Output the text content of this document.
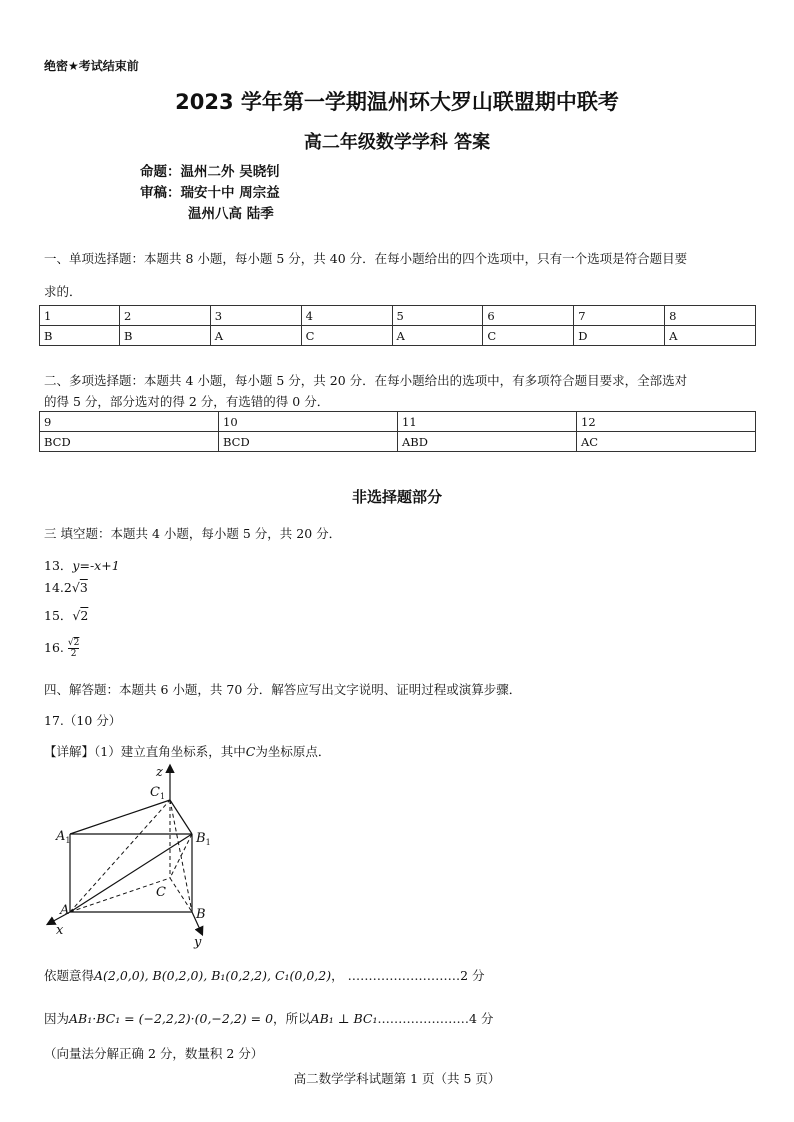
绝密★考试结束前
2023 学年第一学期温州环大罗山联盟期中联考
高二年级数学学科 答案
命题：温州二外 吴晓钊
审稿：瑞安十中 周宗益
温州八高 陆季
一、单项选择题：本题共 8 小题，每小题 5 分，共 40 分．在每小题给出的四个选项中，只有一个选项是符合题目要
求的．
1	2	3	4	5	6	7	8
B	B	A	C	A	C	D	A
二、多项选择题：本题共 4 小题，每小题 5 分，共 20 分．在每小题给出的选项中，有多项符合题目要求，全部选对
的得 5 分，部分选对的得 2 分，有选错的得 0 分．
9	10	11	12
BCD	BCD	ABD	AC
非选择题部分
三 填空题：本题共 4 小题，每小题 5 分，共 20 分．
13．y=-x+1
14.2√3
15．√2
16. $\frac{√2}{2}$
四、解答题：本题共 6 小题，共 70 分．解答应写出文字说明、证明过程或演算步骤．
17.（10 分）
【详解】（1）建立直角坐标系，其中C为坐标原点．
z
$C_1$
$A_1$	$B_1$
C
A	B
x
y
依题意得A(2,0,0), B(0,2,0), B₁(0,2,2), C₁(0,0,2)， ………………………2 分
因为AB₁·BC₁ = (−2,2,2)·(0,−2,2) = 0，所以AB₁ ⊥ BC₁.…………………4 分
（向量法分解正确 2 分，数量积 2 分）
高二数学学科试题第 1 页（共 5 页）
